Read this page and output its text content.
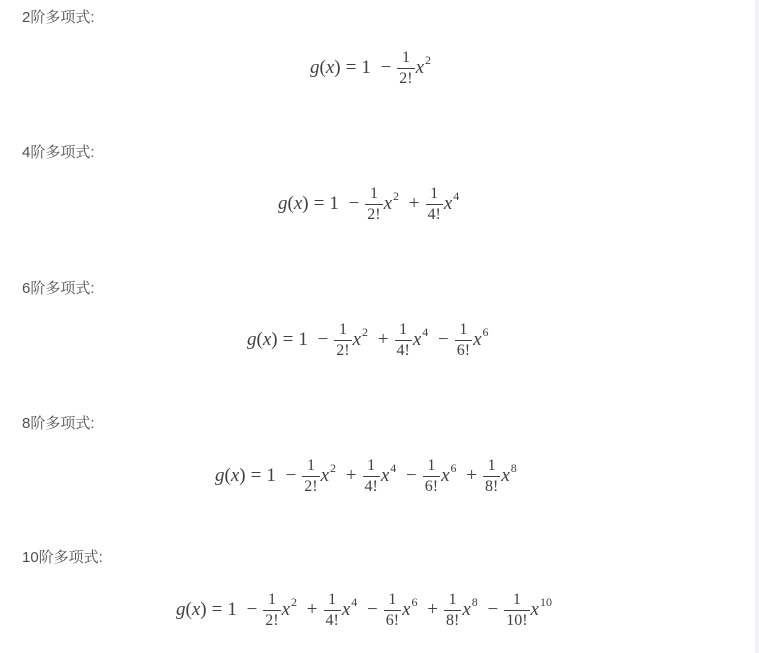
2阶多项式:
$g(x) = 1 - \frac{1}{2!} x^2$
4阶多项式:
$g(x) = 1 - \frac{1}{2!} x^2 + \frac{1}{4!} x^4$
6阶多项式:
$g(x) = 1 - \frac{1}{2!} x^2 + \frac{1}{4!} x^4 - \frac{1}{6!} x^6$
8阶多项式:
$g(x) = 1 - \frac{1}{2!} x^2 + \frac{1}{4!} x^4 - \frac{1}{6!} x^6 + \frac{1}{8!} x^8$
10阶多项式:
$g(x) = 1 - \frac{1}{2!} x^2 + \frac{1}{4!} x^4 - \frac{1}{6!} x^6 + \frac{1}{8!} x^8 - \frac{1}{10!} x^{10}$
